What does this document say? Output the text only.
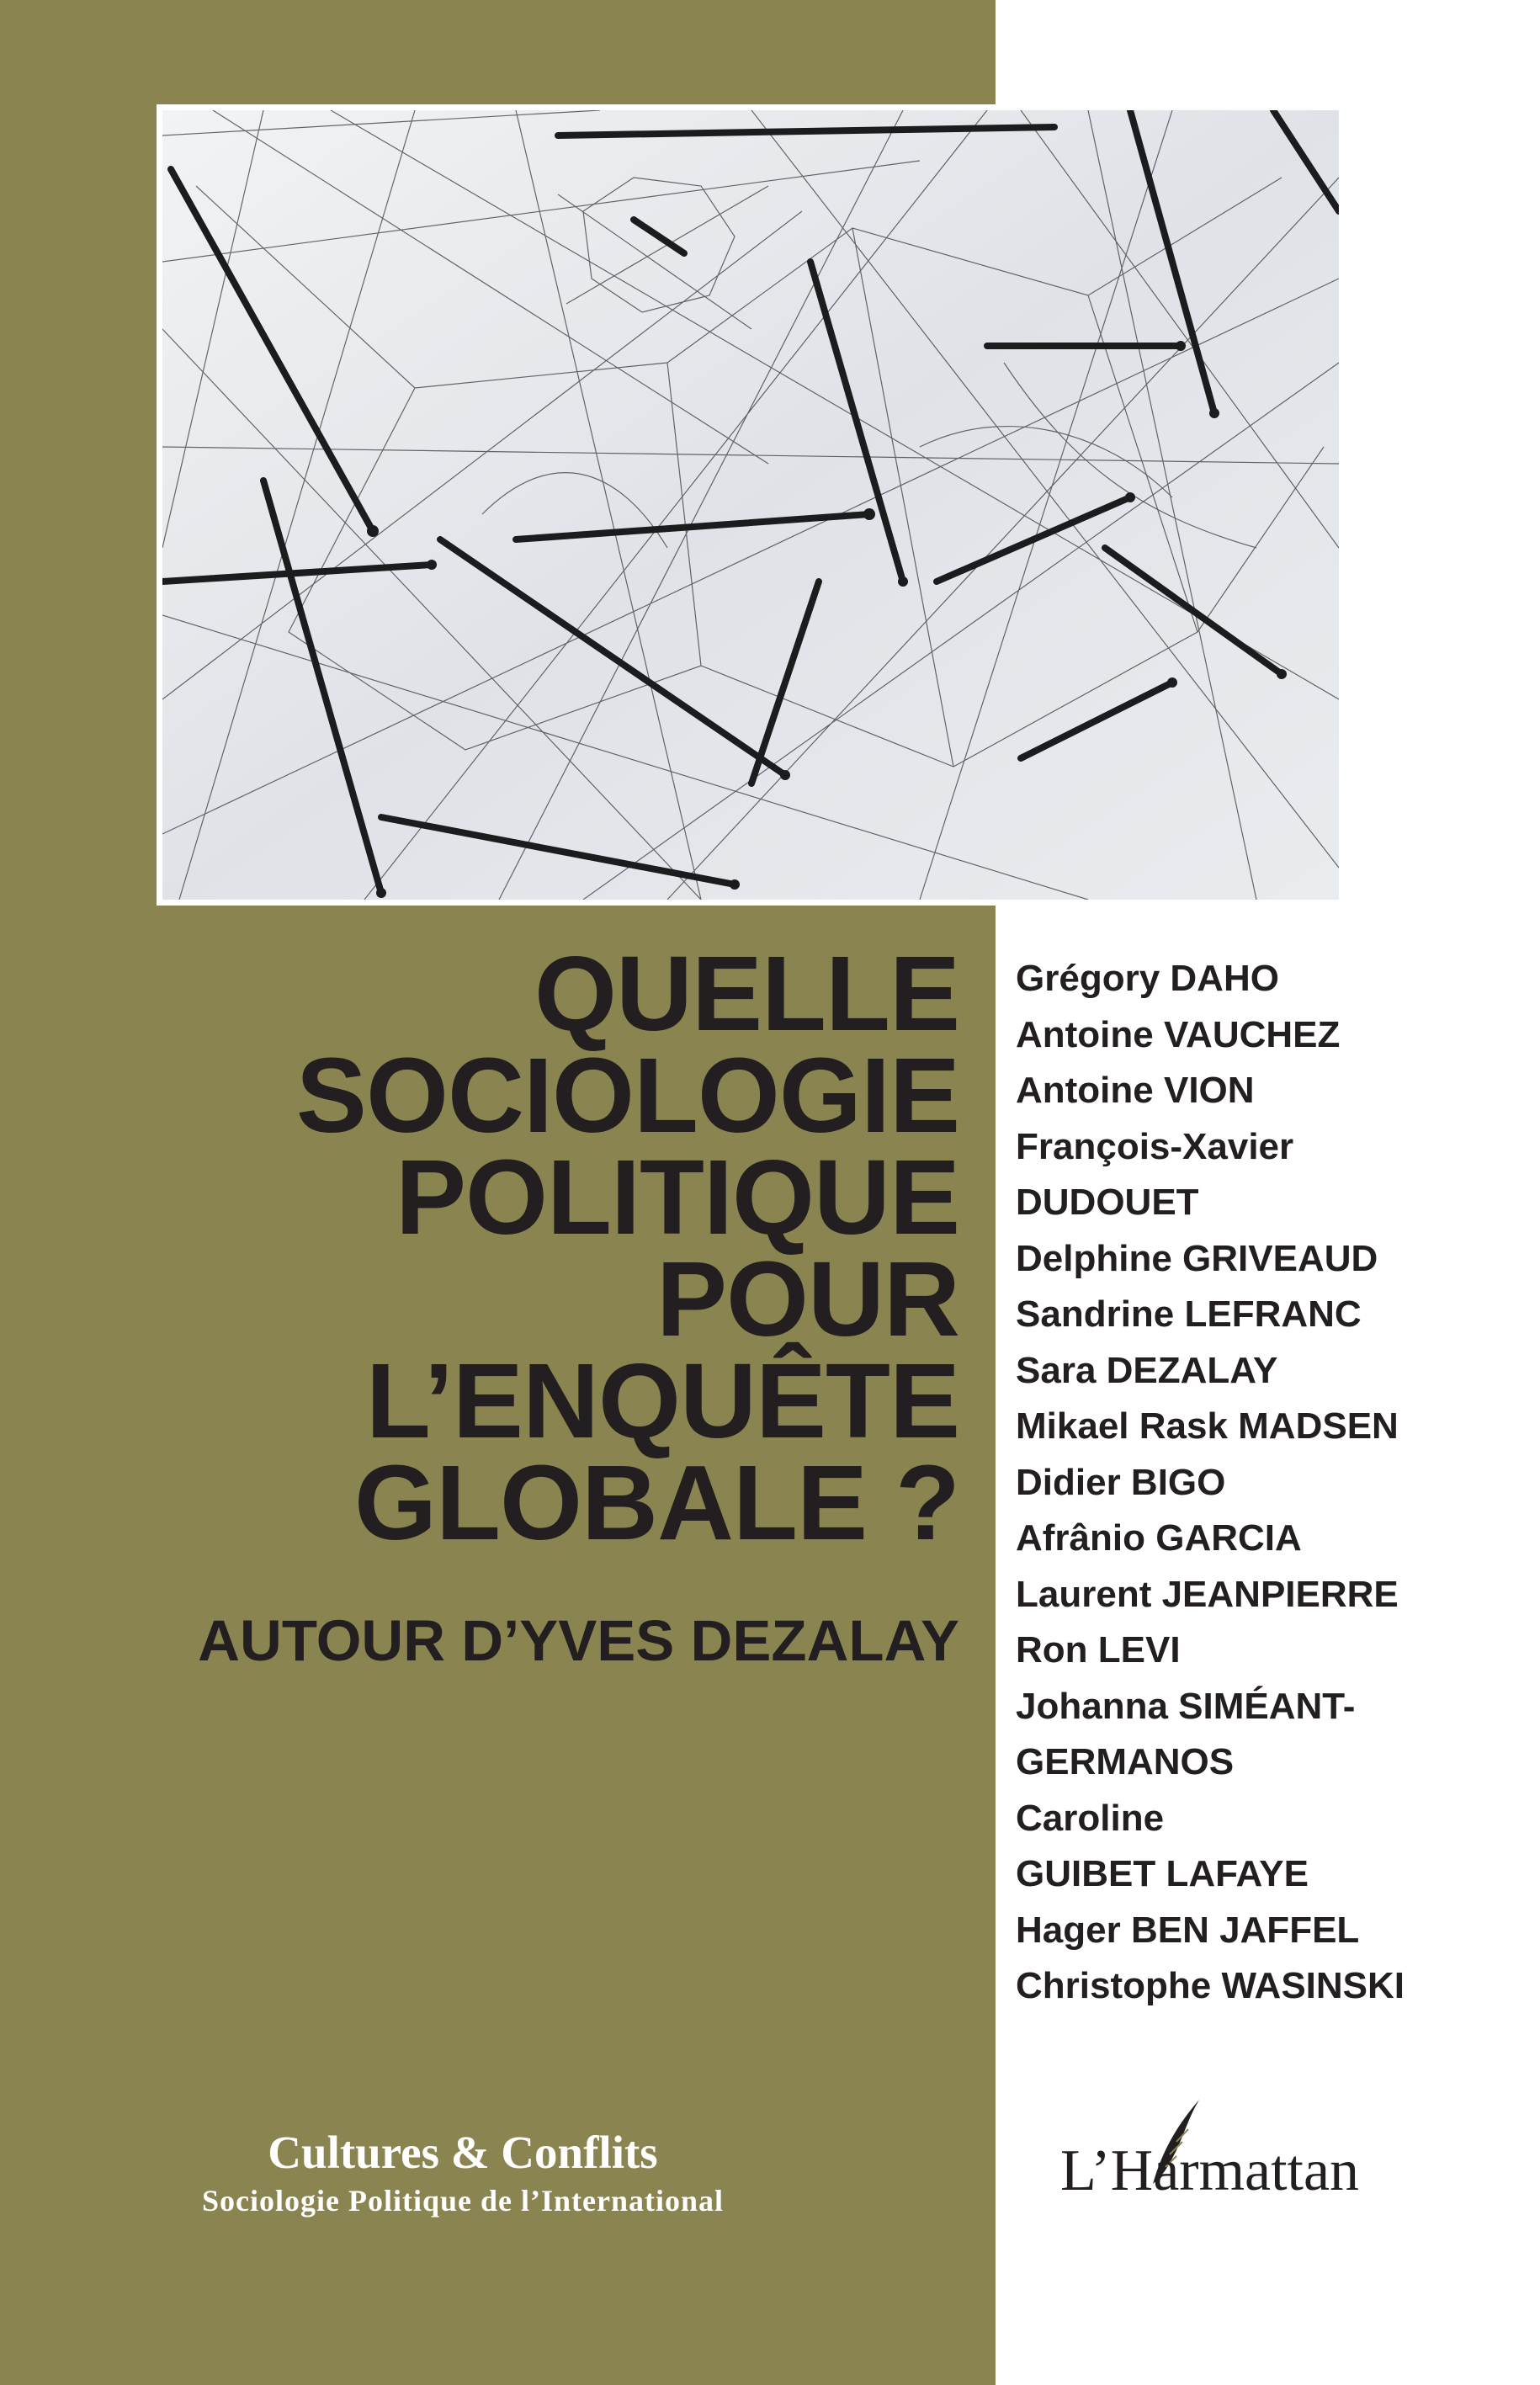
QUELLE
SOCIOLOGIE
POLITIQUE
POUR
L’ENQUÊTE
GLOBALE ?
AUTOUR D’YVES DEZALAY
Grégory DAHO
Antoine VAUCHEZ
Antoine VION
François-Xavier
DUDOUET
Delphine GRIVEAUD
Sandrine LEFRANC
Sara DEZALAY
Mikael Rask MADSEN
Didier BIGO
Afrânio GARCIA
Laurent JEANPIERRE
Ron LEVI
Johanna SIMÉANT-
GERMANOS
Caroline
GUIBET LAFAYE
Hager BEN JAFFEL
Christophe WASINSKI
Cultures & Conflits
Sociologie Politique de l’International	L’Harmattan
